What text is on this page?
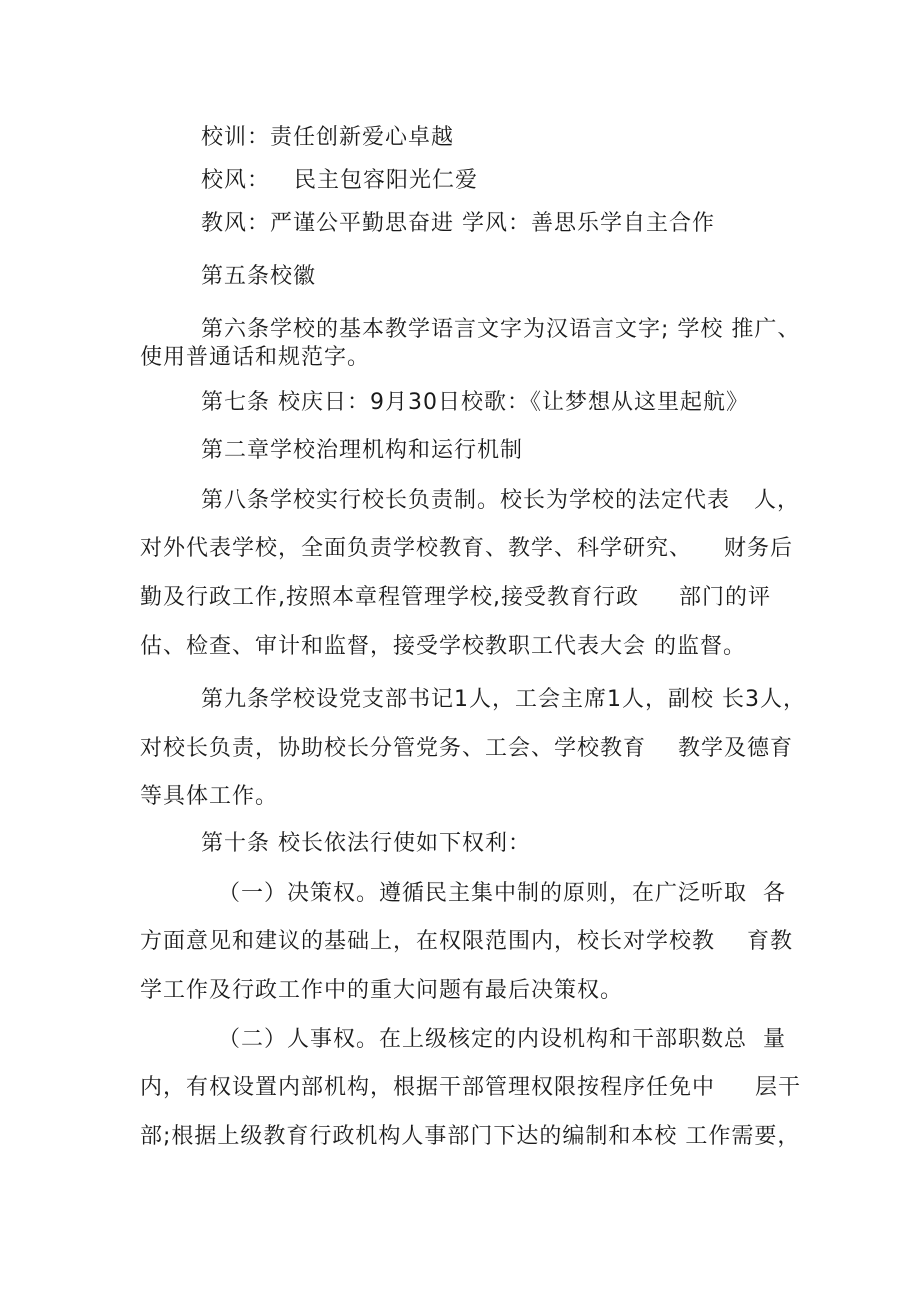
校训：责任创新爱心卓越
校风：   民主包容阳光仁爱
教风：严谨公平勤思奋进 学风：善思乐学自主合作
第五条校徽
第六条学校的基本教学语言文字为汉语言文字; 学校 推广、
使用普通话和规范字。
第七条 校庆日：9月30日校歌：《让梦想从这里起航》
第二章学校治理机构和运行机制
第八条学校实行校长负责制。校长为学校的法定代表   人，
对外代表学校，全面负责学校教育、教学、科学研究、    财务后
勤及行政工作,按照本章程管理学校,接受教育行政     部门的评
估、检查、审计和监督，接受学校教职工代表大会 的监督。
第九条学校设党支部书记1人，工会主席1人，副校 长3人，
对校长负责，协助校长分管党务、工会、学校教育    教学及德育
等具体工作。
第十条 校长依法行使如下权利：
（一）决策权。遵循民主集中制的原则，在广泛听取  各
方面意见和建议的基础上，在权限范围内，校长对学校教    育教
学工作及行政工作中的重大问题有最后决策权。
（二）人事权。在上级核定的内设机构和干部职数总  量
内，有权设置内部机构，根据干部管理权限按程序任免中     层干
部;根据上级教育行政机构人事部门下达的编制和本校 工作需要，
